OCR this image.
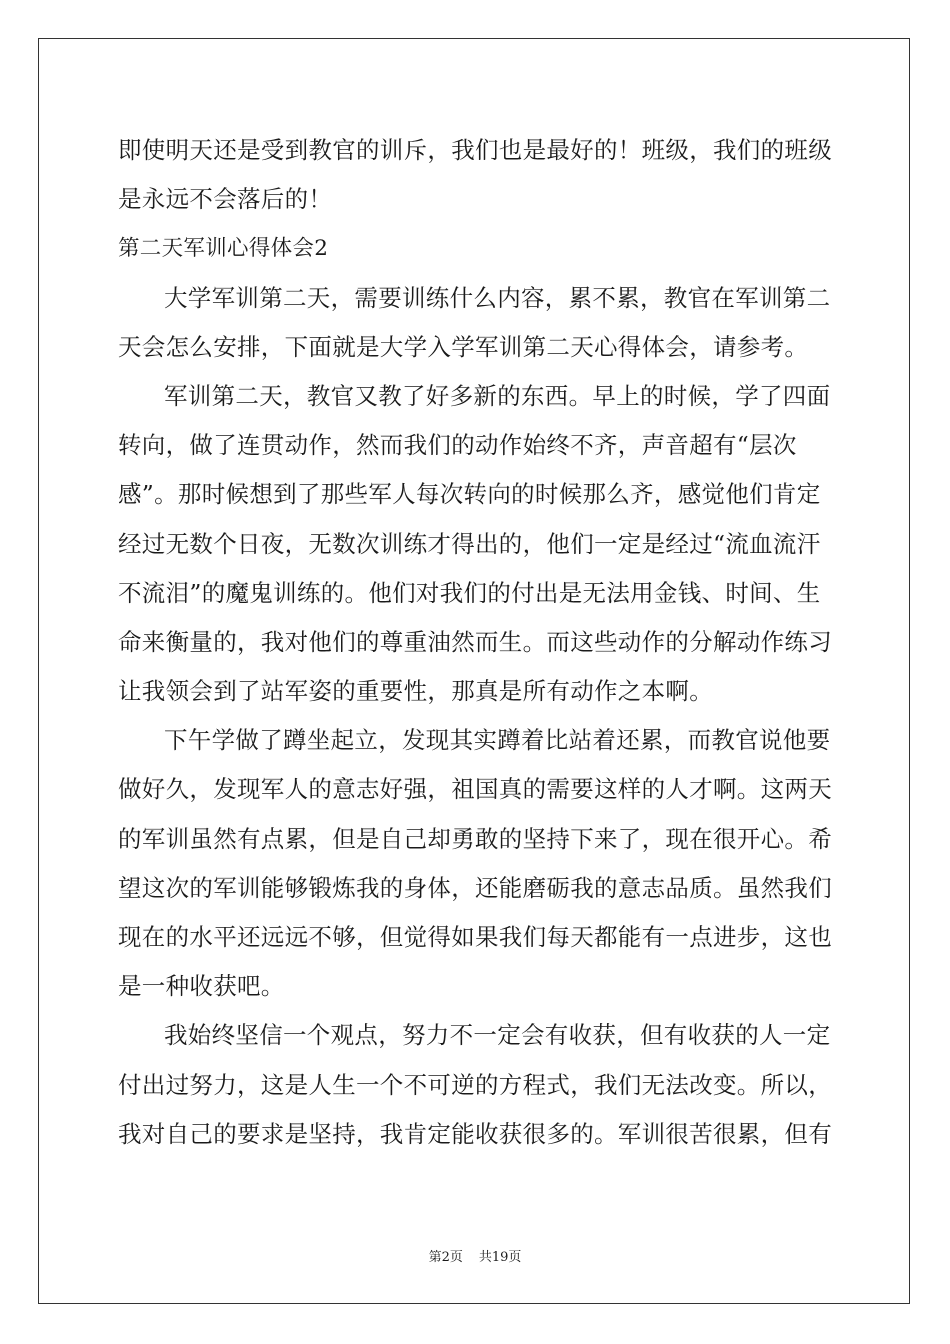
即使明天还是受到教官的训斥，我们也是最好的！班级，我们的班级
是永远不会落后的！
第二天军训心得体会2
大学军训第二天，需要训练什么内容，累不累，教官在军训第二
天会怎么安排，下面就是大学入学军训第二天心得体会，请参考。
军训第二天，教官又教了好多新的东西。早上的时候，学了四面
转向，做了连贯动作，然而我们的动作始终不齐，声音超有“层次
感”。那时候想到了那些军人每次转向的时候那么齐，感觉他们肯定
经过无数个日夜，无数次训练才得出的，他们一定是经过“流血流汗
不流泪”的魔鬼训练的。他们对我们的付出是无法用金钱、时间、生
命来衡量的，我对他们的尊重油然而生。而这些动作的分解动作练习
让我领会到了站军姿的重要性，那真是所有动作之本啊。
下午学做了蹲坐起立，发现其实蹲着比站着还累，而教官说他要
做好久，发现军人的意志好强，祖国真的需要这样的人才啊。这两天
的军训虽然有点累，但是自己却勇敢的坚持下来了，现在很开心。希
望这次的军训能够锻炼我的身体，还能磨砺我的意志品质。虽然我们
现在的水平还远远不够，但觉得如果我们每天都能有一点进步，这也
是一种收获吧。
我始终坚信一个观点，努力不一定会有收获，但有收获的人一定
付出过努力，这是人生一个不可逆的方程式，我们无法改变。所以，
我对自己的要求是坚持，我肯定能收获很多的。军训很苦很累，但有
第2页 共19页
